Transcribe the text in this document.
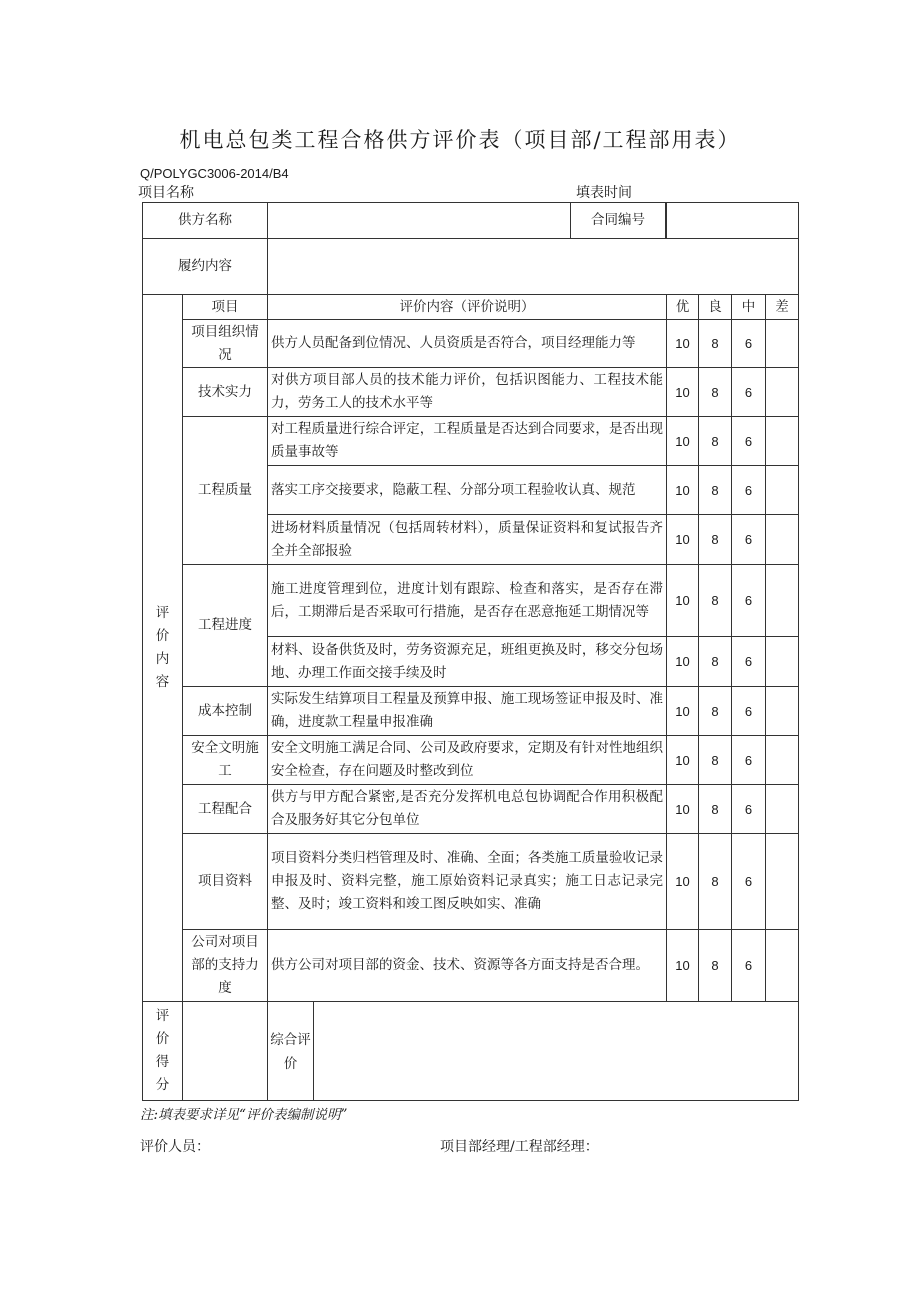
机电总包类工程合格供方评价表（项目部/工程部用表）
Q/POLYGC3006-2014/B4
项目名称	填表时间
供方名称		合同编号				

履约内容						
评
价
内
容	项目	评价内容（评价说明）	优	良	中	差
	项目组织情况	供方人员配备到位情况、人员资质是否符合，项目经理能力等	10	8	6	
	技术实力	对供方项目部人员的技术能力评价，包括识图能力、工程技术能力，劳务工人的技术水平等	10	8	6	
	工程质量	对工程质量进行综合评定，工程质量是否达到合同要求，是否出现质量事故等	10	8	6	
		落实工序交接要求，隐蔽工程、分部分项工程验收认真、规范	10	8	6	
		进场材料质量情况（包括周转材料），质量保证资料和复试报告齐全并全部报验	10	8	6	
	工程进度	施工进度管理到位，进度计划有跟踪、检查和落实，是否存在滞后，工期滞后是否采取可行措施，是否存在恶意拖延工期情况等	10	8	6	
		材料、设备供货及时，劳务资源充足，班组更换及时，移交分包场地、办理工作面交接手续及时	10	8	6	
	成本控制	实际发生结算项目工程量及预算申报、施工现场签证申报及时、准确，进度款工程量申报准确	10	8	6	
	安全文明施工	安全文明施工满足合同、公司及政府要求，定期及有针对性地组织安全检查，存在问题及时整改到位	10	8	6	
	工程配合	供方与甲方配合紧密,是否充分发挥机电总包协调配合作用积极配合及服务好其它分包单位	10	8	6	
	项目资料	项目资料分类归档管理及时、准确、全面；各类施工质量验收记录申报及时、资料完整，施工原始资料记录真实；施工日志记录完整、及时；竣工资料和竣工图反映如实、准确	10	8	6	
	公司对项目部的支持力度	供方公司对项目部的资金、技术、资源等各方面支持是否合理。	10	8	6	
评
价
得
分		综合评价				
注:填表要求详见“评价表编制说明”
评价人员：	项目部经理/工程部经理：
